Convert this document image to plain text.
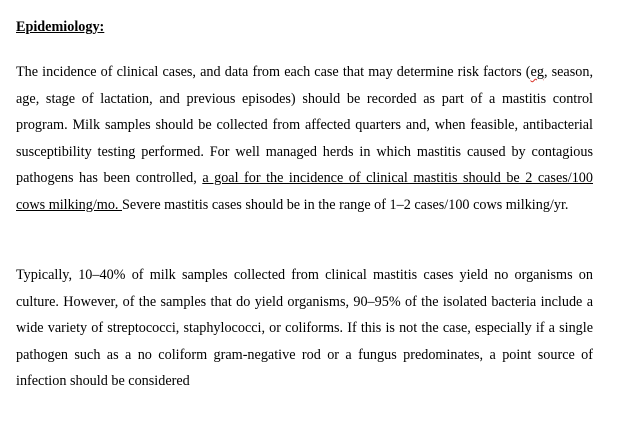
Epidemiology:

The incidence of clinical cases, and data from each case that may determine risk factors (eg, season, age, stage of lactation, and previous episodes) should be recorded as part of a mastitis control program. Milk samples should be collected from affected quarters and, when feasible, antibacterial susceptibility testing performed. For well managed herds in which mastitis caused by contagious pathogens has been controlled, a goal for the incidence of clinical mastitis should be 2 cases/100 cows milking/mo. Severe mastitis cases should be in the range of 1–2 cases/100 cows milking/yr.

Typically, 10–40% of milk samples collected from clinical mastitis cases yield no organisms on culture. However, of the samples that do yield organisms, 90–95% of the isolated bacteria include a wide variety of streptococci, staphylococci, or coliforms. If this is not the case, especially if a single pathogen such as a no coliform gram-negative rod or a fungus predominates, a point source of infection should be considered
